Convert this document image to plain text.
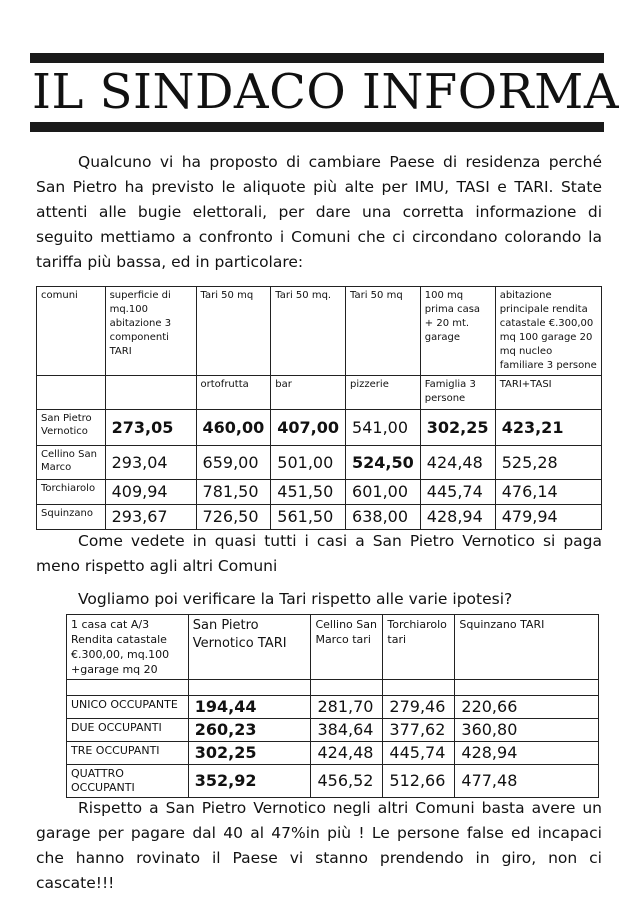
IL SINDACO INFORMA
Qualcuno vi ha proposto di cambiare Paese di residenza perché San Pietro ha previsto le aliquote più alte per IMU, TASI e TARI. State attenti alle bugie elettorali, per dare una corretta informazione di seguito mettiamo a confronto i Comuni che ci circondano colorando la tariffa più bassa, ed in particolare:
comuni	superficie di mq.100 abitazione 3 componenti TARI	Tari 50 mq	Tari 50 mq.	Tari 50 mq	100 mq prima casa + 20 mt. garage	abitazione principale rendita catastale €.300,00 mq 100 garage 20 mq nucleo familiare 3 persone
		ortofrutta	bar	pizzerie	Famiglia 3 persone	TARI+TASI
San Pietro Vernotico	273,05	460,00	407,00	541,00	302,25	423,21
Cellino San Marco	293,04	659,00	501,00	524,50	424,48	525,28
Torchiarolo	409,94	781,50	451,50	601,00	445,74	476,14
Squinzano	293,67	726,50	561,50	638,00	428,94	479,94
Come vedete in quasi tutti i casi a San Pietro Vernotico si paga meno rispetto agli altri Comuni
Vogliamo poi verificare la Tari rispetto alle varie ipotesi?
1 casa cat A/3 Rendita catastale €.300,00, mq.100 +garage mq 20	San Pietro Vernotico TARI	Cellino San Marco tari	Torchiarolo tari	Squinzano TARI

UNICO OCCUPANTE	194,44	281,70	279,46	220,66
DUE OCCUPANTI	260,23	384,64	377,62	360,80
TRE OCCUPANTI	302,25	424,48	445,74	428,94
QUATTRO OCCUPANTI	352,92	456,52	512,66	477,48
Rispetto a San Pietro Vernotico negli altri Comuni basta avere un garage per pagare dal 40 al 47%in più ! Le persone false ed incapaci che hanno rovinato il Paese vi stanno prendendo in giro, non ci cascate!!!
